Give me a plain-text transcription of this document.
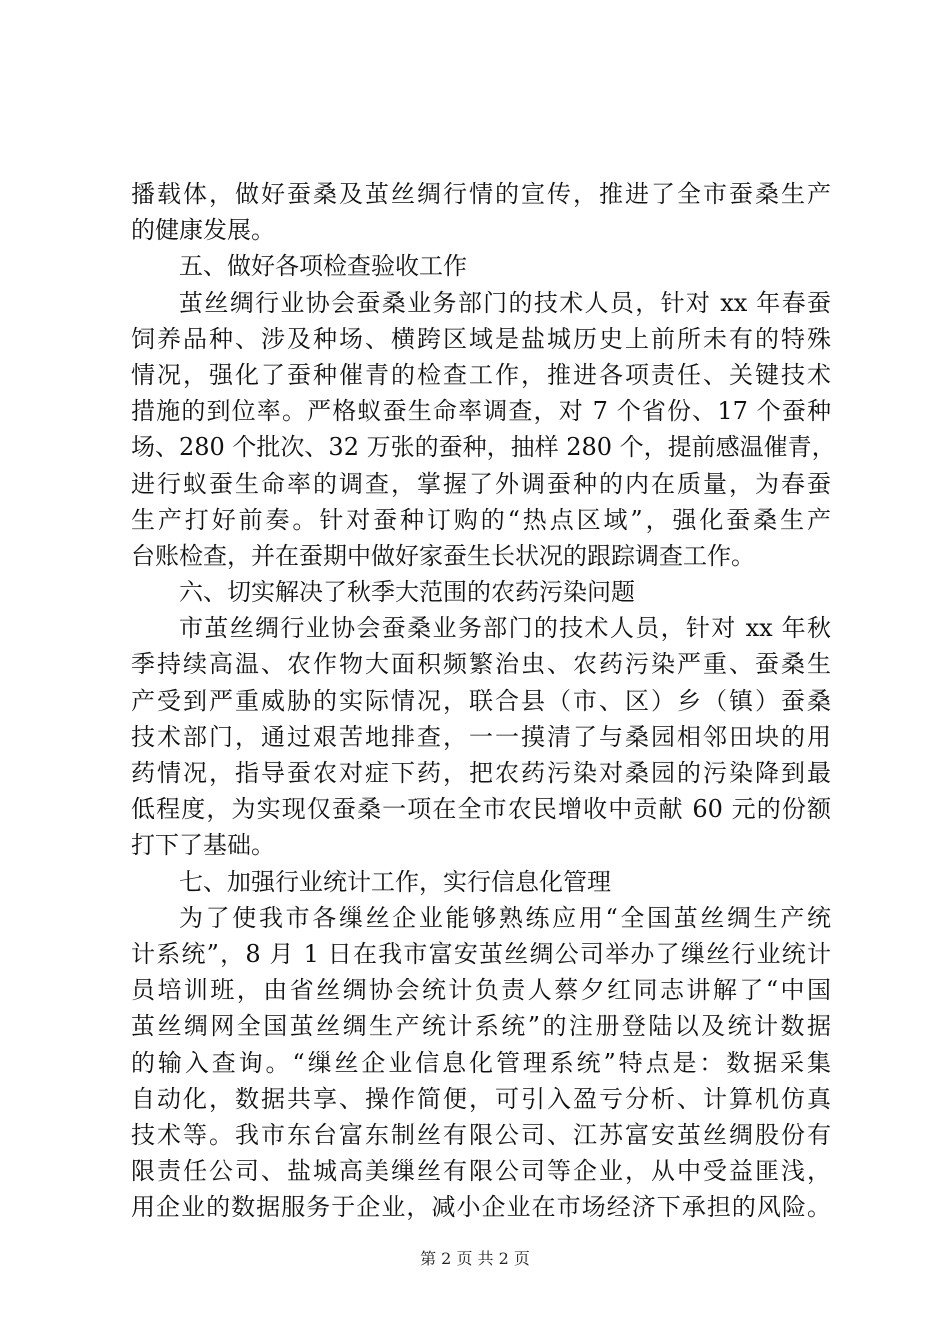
播载体，做好蚕桑及茧丝绸行情的宣传，推进了全市蚕桑生产
的健康发展。
五、做好各项检查验收工作
茧丝绸行业协会蚕桑业务部门的技术人员，针对 xx 年春蚕
饲养品种、涉及种场、横跨区域是盐城历史上前所未有的特殊
情况，强化了蚕种催青的检查工作，推进各项责任、关键技术
措施的到位率。严格蚁蚕生命率调查，对 7 个省份、17 个蚕种
场、280 个批次、32 万张的蚕种，抽样 280 个，提前感温催青，
进行蚁蚕生命率的调查，掌握了外调蚕种的内在质量，为春蚕
生产打好前奏。针对蚕种订购的“热点区域”，强化蚕桑生产
台账检查，并在蚕期中做好家蚕生长状况的跟踪调查工作。
六、切实解决了秋季大范围的农药污染问题
市茧丝绸行业协会蚕桑业务部门的技术人员，针对 xx 年秋
季持续高温、农作物大面积频繁治虫、农药污染严重、蚕桑生
产受到严重威胁的实际情况，联合县（市、区）乡（镇）蚕桑
技术部门，通过艰苦地排查，一一摸清了与桑园相邻田块的用
药情况，指导蚕农对症下药，把农药污染对桑园的污染降到最
低程度，为实现仅蚕桑一项在全市农民增收中贡献 60 元的份额
打下了基础。
七、加强行业统计工作，实行信息化管理
为了使我市各缫丝企业能够熟练应用“全国茧丝绸生产统
计系统”，8 月 1 日在我市富安茧丝绸公司举办了缫丝行业统计
员培训班，由省丝绸协会统计负责人蔡夕红同志讲解了“中国
茧丝绸网全国茧丝绸生产统计系统”的注册登陆以及统计数据
的输入查询。“缫丝企业信息化管理系统”特点是：数据采集
自动化，数据共享、操作简便，可引入盈亏分析、计算机仿真
技术等。我市东台富东制丝有限公司、江苏富安茧丝绸股份有
限责任公司、盐城高美缫丝有限公司等企业，从中受益匪浅，
用企业的数据服务于企业，减小企业在市场经济下承担的风险。
第 2 页 共 2 页
